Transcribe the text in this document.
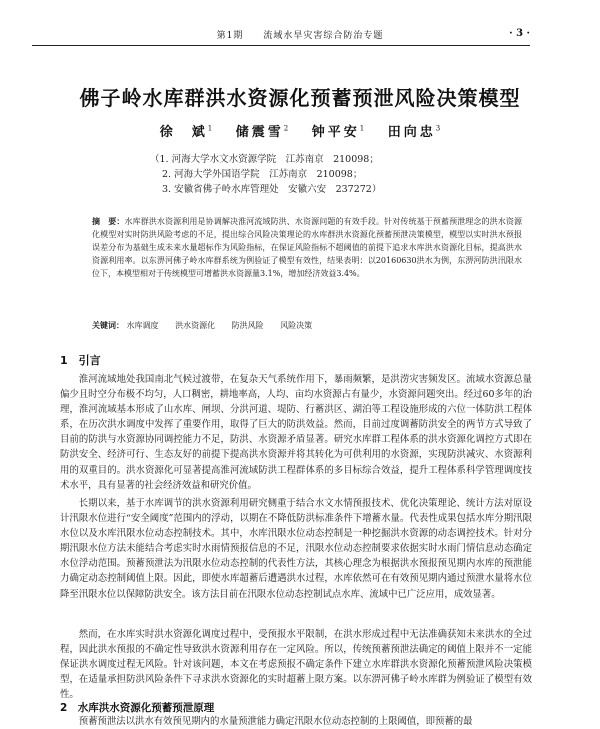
第1期　　流域水旱灾害综合防治专题	· 3 ·
佛子岭水库群洪水资源化预蓄预泄风险决策模型
徐　斌$^1$ 储震雪$^2$ 钟平安$^1$ 田向忠$^3$
（1. 河海大学水文水资源学院　江苏南京　210098；
2. 河海大学外国语学院　江苏南京　210098；
3. 安徽省佛子岭水库管理处　安徽六安　237272）
摘　要：水库群洪水资源利用是协调解决淮河流域防洪、水资源问题的有效手段。针对传统基于预蓄预泄理念的洪水资源化模型对实时防洪风险考虑的不足，提出综合风险决策理论的水库群洪水资源化预蓄预泄决策模型，模型以实时洪水预报误差分布为基础生成未来水量超标作为风险指标，在保证风险指标不超阈值的前提下追求水库洪水资源化目标，提高洪水资源利用率。以东淠河佛子岭水库群系统为例验证了模型有效性，结果表明：以20160630洪水为例，东淠河防洪汛限水位下，本模型相对于传统模型可增蓄洪水资源量3.1%，增加经济效益3.4%。
关键词： 水库调度 洪水资源化 防洪风险 风险决策
1　引言

淮河流域地处我国南北气候过渡带，在复杂天气系统作用下，暴雨频繁，是洪涝灾害频发区。流域水资源总量偏少且时空分布极不均匀，人口稠密，耕地率高，人均、亩均水资源占有量少，水资源问题突出。经过60多年的治理，淮河流域基本形成了山水库、闸坝、分洪河道、堤防、行蓄洪区、湖泊等工程设施形成的六位一体防洪工程体系，在历次洪水调度中发挥了重要作用，取得了巨大的防洪效益。然而，目前过度调蓄防洪安全的两节方式导致了目前的防洪与水资源协同调控能力不足，防洪、水资源矛盾显著。研究水库群工程体系的洪水资源化调控方式即在防洪安全、经济可行、生态友好的前提下提高洪水资源并将其转化为可供利用的水资源，实现防洪减灾、水资源利用的双重目的。洪水资源化可显著提高淮河流域防洪工程群体系的多目标综合效益，提升工程体系科学管理调度技术水平，具有显著的社会经济效益和研究价值。

长期以来，基于水库调节的洪水资源利用研究侧重于结合水文水情预报技术、优化决策理论、统计方法对原设计汛限水位进行“安全阈度”范围内的浮动，以期在不降低防洪标准条件下增蓄水量。代表性成果包括水库分期汛限水位以及水库汛限水位动态控制技术。其中，水库汛限水位动态控制是一种挖掘洪水资源的动态调控技术。针对分期汛限水位方法未能结合考虑实时水雨情预报信息的不足，汛限水位动态控制要求依据实时水雨门情信息动态确定水位浮动范围。预蓄预泄法为汛限水位动态控制的代表性方法，其核心理念为根据洪水预报预见期内水库的预泄能力确定动态控制阈值上限。因此，即使水库超蓄后遭遇洪水过程，水库依然可在有效预见期内通过预泄水量将水位降至汛限水位以保障防洪安全。该方法目前在汛限水位动态控制试点水库、流域中已广泛应用，成效显著。

然而，在水库实时洪水资源化调度过程中，受预报水平限制，在洪水形成过程中无法准确获知未来洪水的全过程，因此洪水预报的不确定性导致洪水资源利用存在一定风险。所以，传统预蓄预泄法确定的阈值上限并不一定能保证洪水调度过程无风险。针对该问题，本文在考虑预报不确定条件下建立水库群洪水资源化预蓄预泄风险决策模型，在适量承担防洪风险条件下寻求洪水资源化的实时超蓄上限方案。以东淠河佛子岭水库群为例验证了模型有效性。

2　水库洪水资源化预蓄预泄原理

预蓄预泄法以洪水有效预见期内的水量预泄能力确定汛限水位动态控制的上限阈值，即预蓄的最
